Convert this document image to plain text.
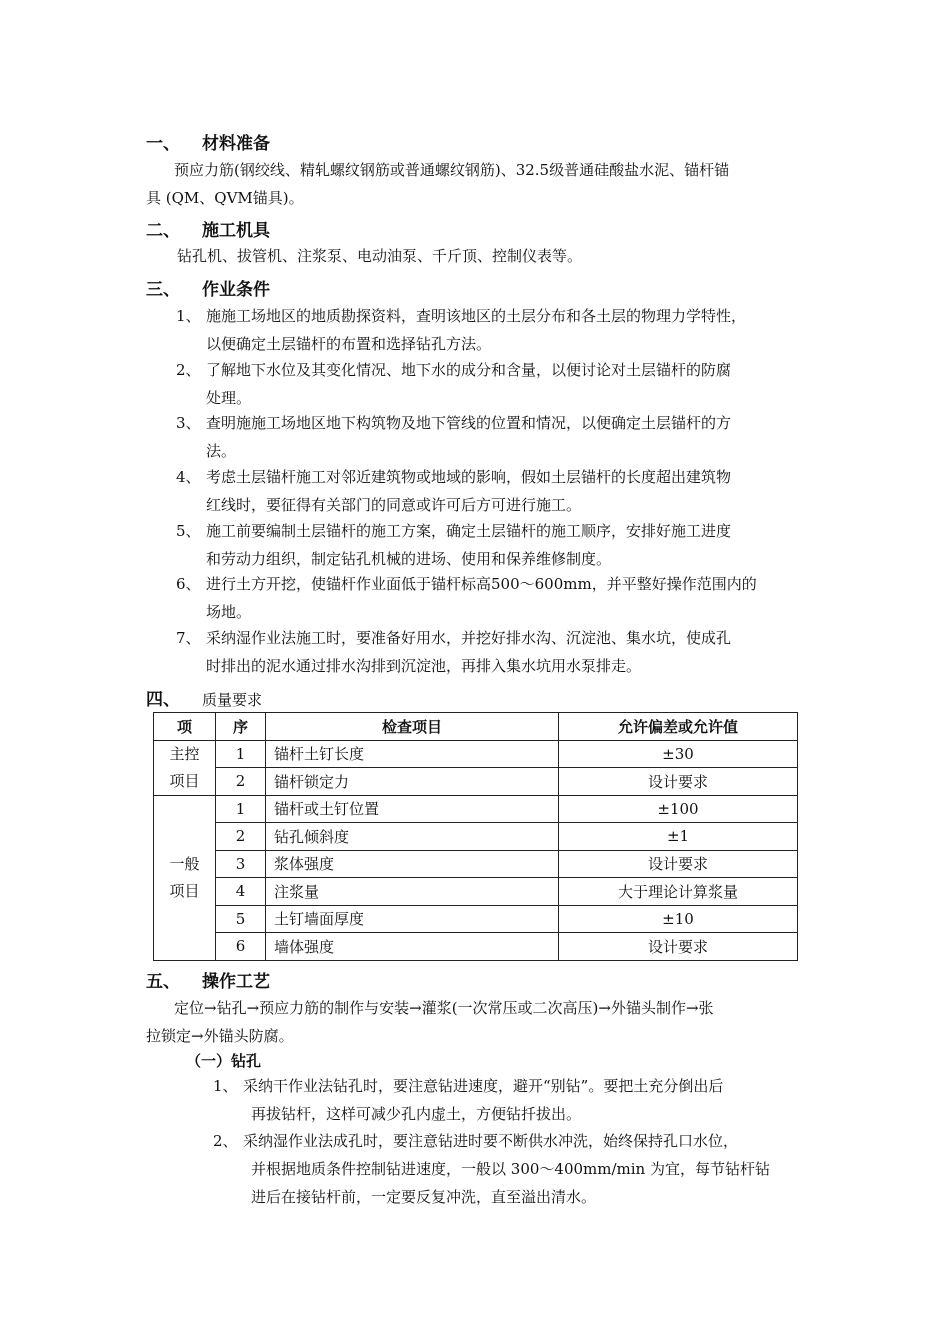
一、 材料准备
预应力筋(钢绞线、精轧螺纹钢筋或普通螺纹钢筋)、32.5级普通硅酸盐水泥、锚杆锚
具 (QM、QVM锚具)。
二、 施工机具
钻孔机、拔管机、注浆泵、电动油泵、千斤顶、控制仪表等。
三、 作业条件
1、 施施工场地区的地质勘探资料，查明该地区的土层分布和各土层的物理力学特性，
以便确定土层锚杆的布置和选择钻孔方法。
2、 了解地下水位及其变化情况、地下水的成分和含量，以便讨论对土层锚杆的防腐
处理。
3、 查明施施工场地区地下构筑物及地下管线的位置和情况，以便确定土层锚杆的方
法。
4、 考虑土层锚杆施工对邻近建筑物或地域的影响，假如土层锚杆的长度超出建筑物
红线时，要征得有关部门的同意或许可后方可进行施工。
5、 施工前要编制土层锚杆的施工方案，确定土层锚杆的施工顺序，安排好施工进度
和劳动力组织，制定钻孔机械的进场、使用和保养维修制度。
6、 进行土方开挖，使锚杆作业面低于锚杆标高500～600mm，并平整好操作范围内的
场地。
7、 采纳湿作业法施工时，要准备好用水，并挖好排水沟、沉淀池、集水坑，使成孔
时排出的泥水通过排水沟排到沉淀池，再排入集水坑用水泵排走。
四、 质量要求
项	序	检查项目	允许偏差或允许值
主控
项目	1	锚杆土钉长度	±30
	2	锚杆锁定力	设计要求
一般
项目	1	锚杆或土钉位置	±100
	2	钻孔倾斜度	±1
	3	浆体强度	设计要求
	4	注浆量	大于理论计算浆量
	5	土钉墙面厚度	±10
	6	墙体强度	设计要求
五、 操作工艺
定位→钻孔→预应力筋的制作与安装→灌浆(一次常压或二次高压)→外锚头制作→张
拉锁定→外锚头防腐。
（一）钻孔
1、 采纳干作业法钻孔时，要注意钻进速度，避开“别钻”。要把土充分倒出后
再拔钻杆，这样可减少孔内虚土，方便钻扦拔出。
2、 采纳湿作业法成孔时，要注意钻进时要不断供水冲洗，始终保持孔口水位，
并根据地质条件控制钻进速度，一般以 300～400mm/min 为宜，每节钻杆钻
进后在接钻杆前，一定要反复冲洗，直至溢出清水。
